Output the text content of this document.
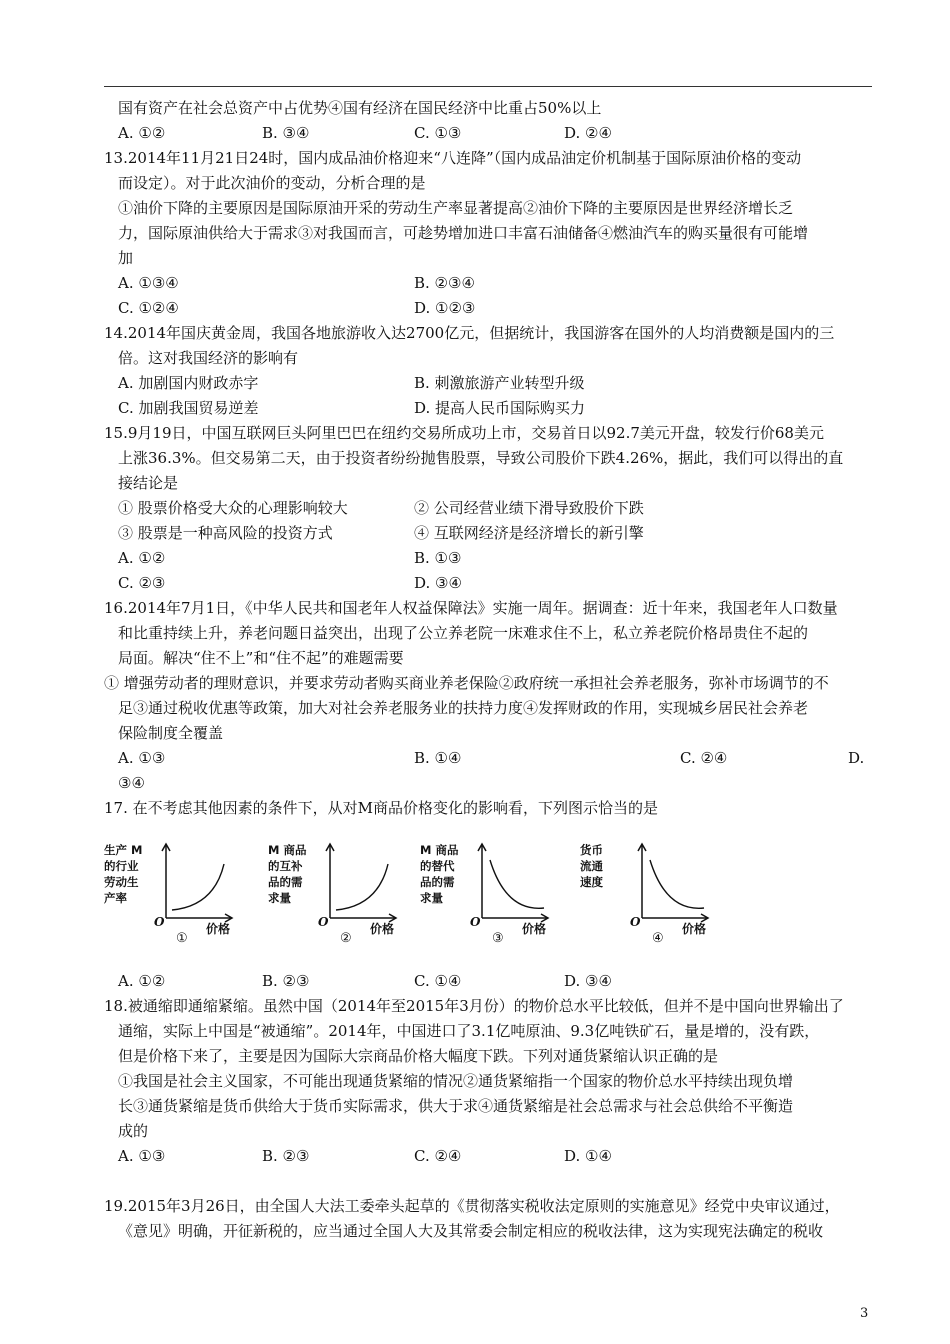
国有资产在社会总资产中占优势④国有经济在国民经济中比重占50%以上
A. ①②	B. ③④	C. ①③	D. ②④
13.2014年11月21日24时，国内成品油价格迎来“八连降”（国内成品油定价机制基于国际原油价格的变动
而设定）。对于此次油价的变动，分析合理的是
①油价下降的主要原因是国际原油开采的劳动生产率显著提高②油价下降的主要原因是世界经济增长乏
力，国际原油供给大于需求③对我国而言，可趁势增加进口丰富石油储备④燃油汽车的购买量很有可能增
加
A. ①③④	B. ②③④
C. ①②④	D. ①②③
14.2014年国庆黄金周，我国各地旅游收入达2700亿元，但据统计，我国游客在国外的人均消费额是国内的三
倍。这对我国经济的影响有
A. 加剧国内财政赤字	B. 刺激旅游产业转型升级
C. 加剧我国贸易逆差	D. 提高人民币国际购买力
15.9月19日，中国互联网巨头阿里巴巴在纽约交易所成功上市，交易首日以92.7美元开盘，较发行价68美元
上涨36.3%。但交易第二天，由于投资者纷纷抛售股票，导致公司股价下跌4.26%，据此，我们可以得出的直
接结论是
① 股票价格受大众的心理影响较大	② 公司经营业绩下滑导致股价下跌
③ 股票是一种高风险的投资方式	④ 互联网经济是经济增长的新引擎
A. ①②	B. ①③
C. ②③	D. ③④
16.2014年7月1日，《中华人民共和国老年人权益保障法》实施一周年。据调查：近十年来，我国老年人口数量
和比重持续上升，养老问题日益突出，出现了公立养老院一床难求住不上，私立养老院价格昂贵住不起的
局面。解决“住不上”和“住不起”的难题需要
① 增强劳动者的理财意识，并要求劳动者购买商业养老保险②政府统一承担社会养老服务，弥补市场调节的不
足③通过税收优惠等政策，加大对社会养老服务业的扶持力度④发挥财政的作用，实现城乡居民社会养老
保险制度全覆盖
A. ①③	B. ①④	C. ②④	D.
③④
17. 在不考虑其他因素的条件下，从对M商品价格变化的影响看，下列图示恰当的是
A. ①②	B. ②③	C. ①④	D. ③④
18.被通缩即通缩紧缩。虽然中国（2014年至2015年3月份）的物价总水平比较低，但并不是中国向世界输出了
通缩，实际上中国是“被通缩”。2014年，中国进口了3.1亿吨原油、9.3亿吨铁矿石，量是增的，没有跌，
但是价格下来了，主要是因为国际大宗商品价格大幅度下跌。下列对通货紧缩认识正确的是
①我国是社会主义国家，不可能出现通货紧缩的情况②通货紧缩指一个国家的物价总水平持续出现负增
长③通货紧缩是货币供给大于货币实际需求，供大于求④通货紧缩是社会总需求与社会总供给不平衡造
成的
A. ①③	B. ②③	C. ②④	D. ①④
19.2015年3月26日，由全国人大法工委牵头起草的《贯彻落实税收法定原则的实施意见》经党中央审议通过，
《意见》明确，开征新税的，应当通过全国人大及其常委会制定相应的税收法律，这为实现宪法确定的税收
生产 M
的行业
劳动生
产率
O	价格
①
M 商品
的互补
品的需
求量
O	价格
②
M 商品
的替代
品的需
求量
O	价格
③
货币
流通
速度
O	价格
④
3
